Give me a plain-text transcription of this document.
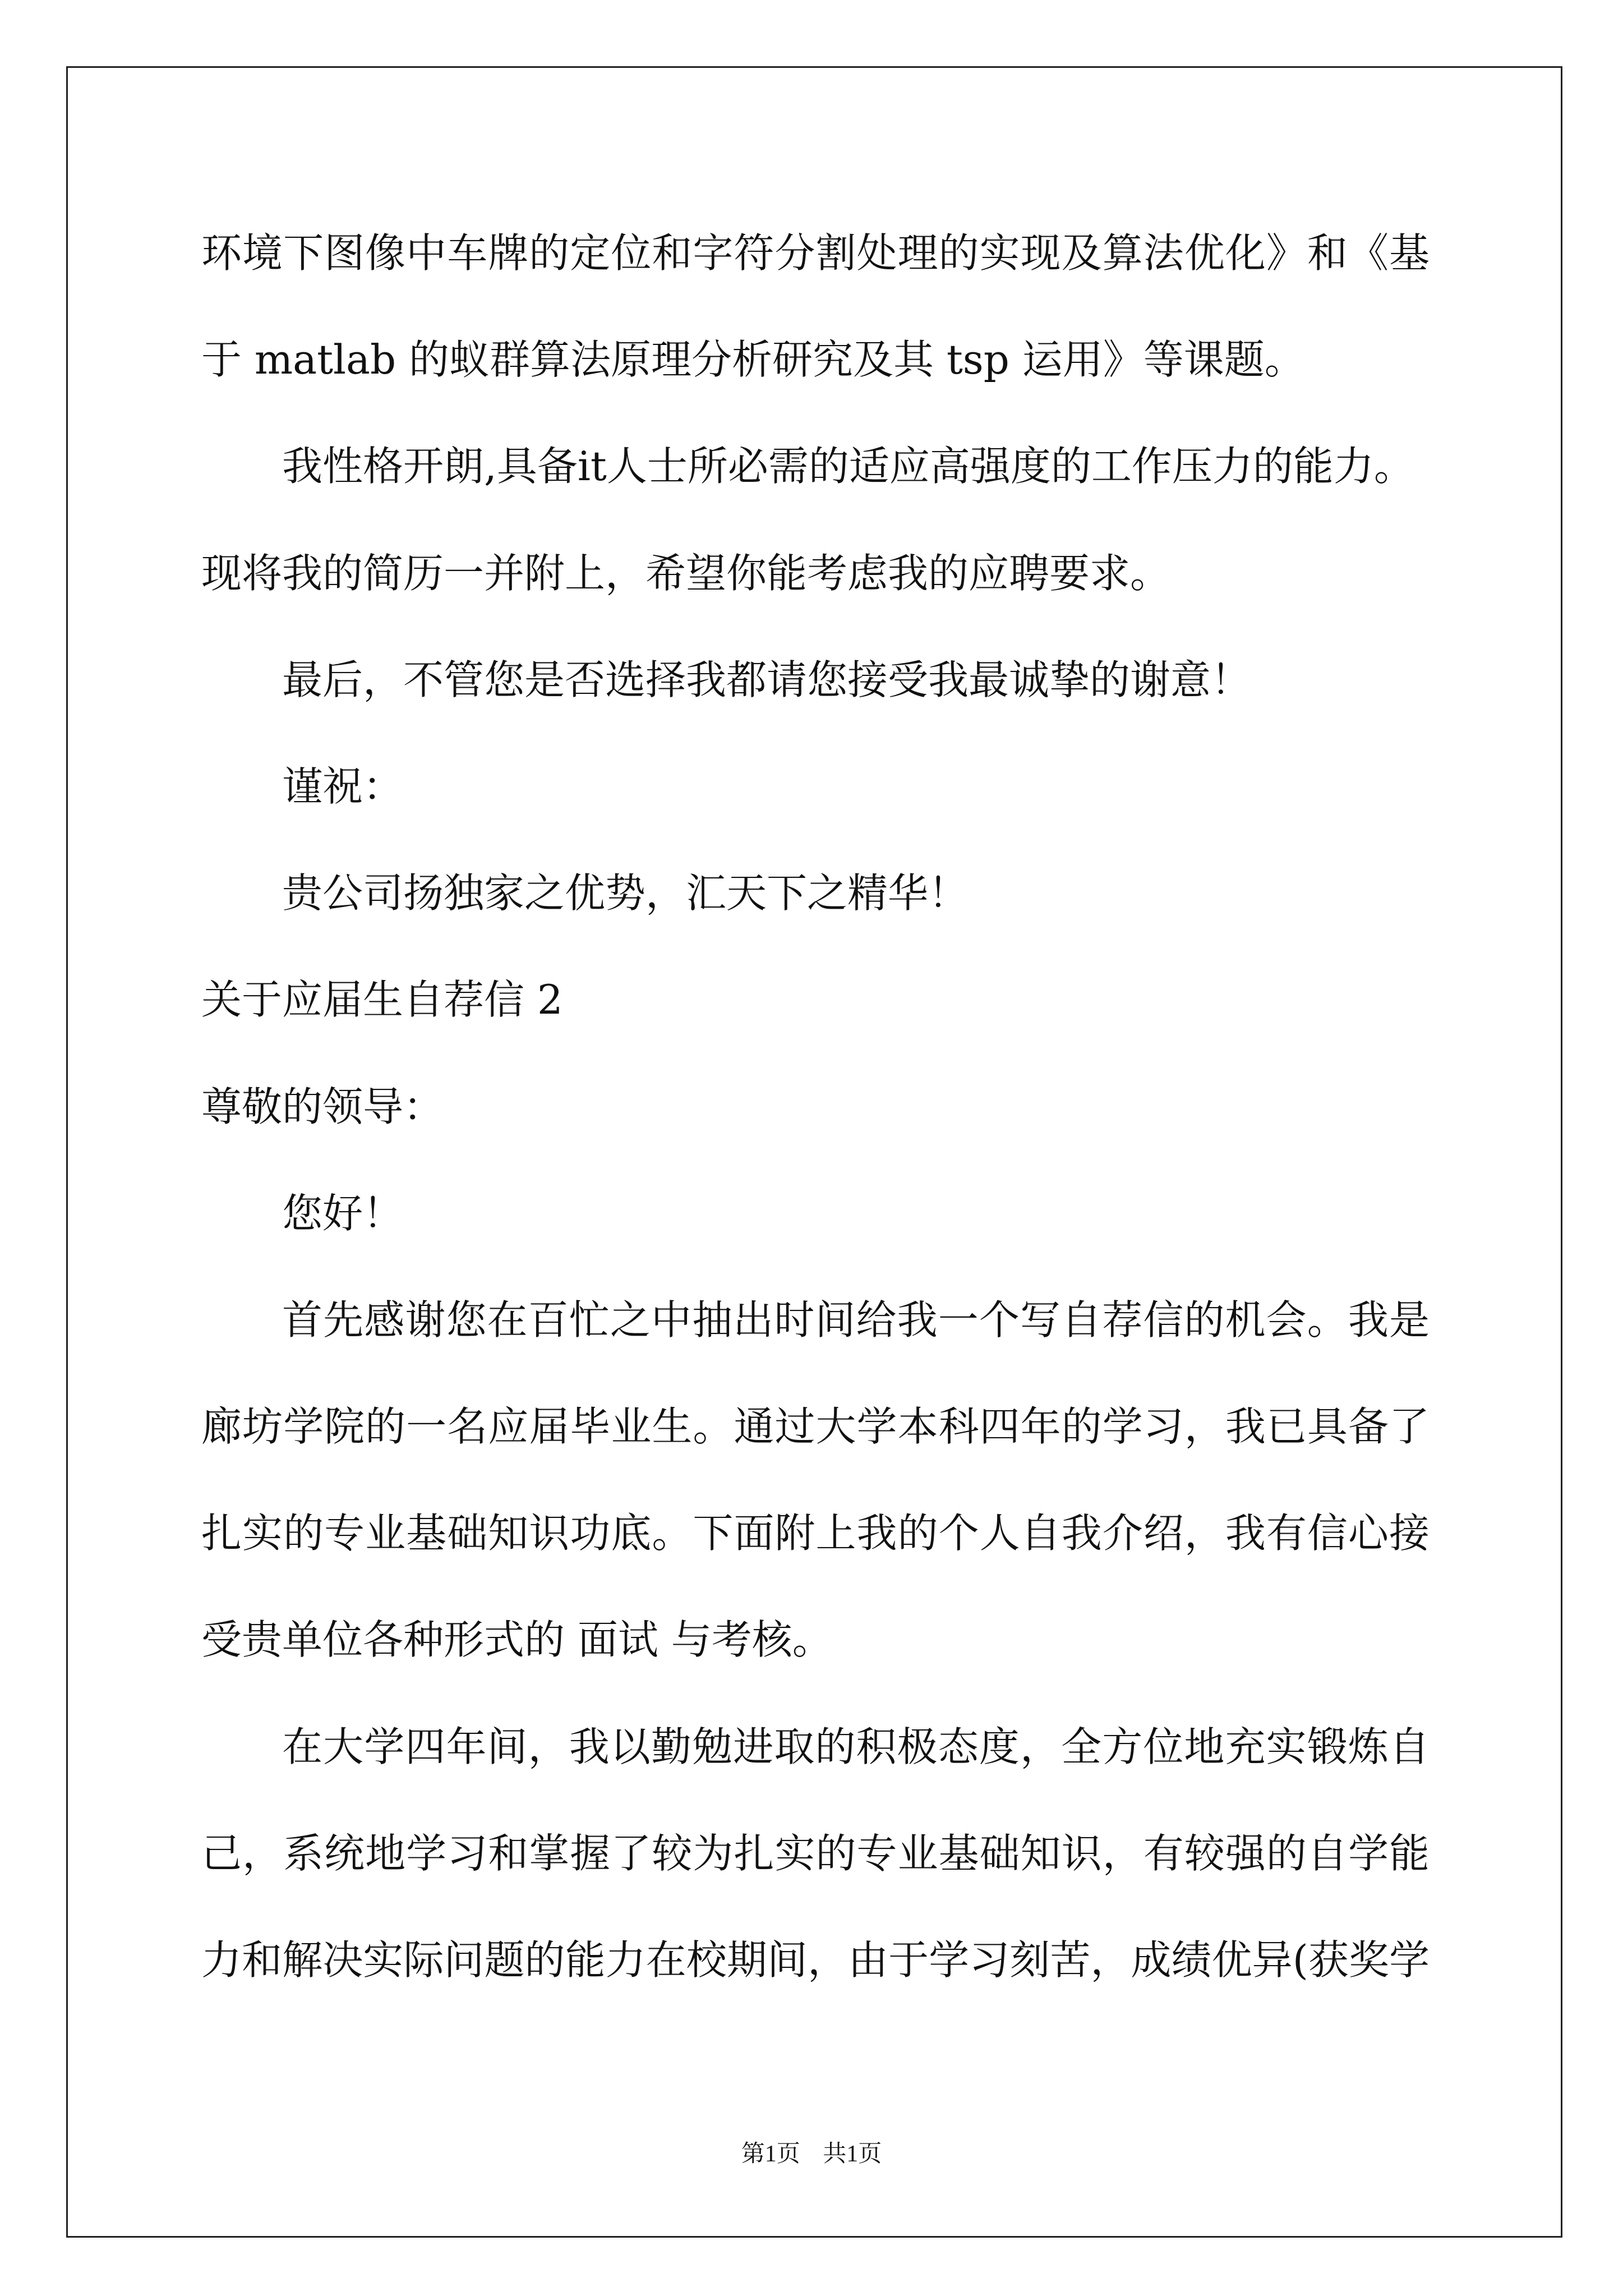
环境下图像中车牌的定位和字符分割处理的实现及算法优化》和《基
于 matlab 的蚁群算法原理分析研究及其 tsp 运用》等课题。
我性格开朗,具备it人士所必需的适应高强度的工作压力的能力。
现将我的简历一并附上，希望你能考虑我的应聘要求。
最后，不管您是否选择我都请您接受我最诚挚的谢意！
谨祝：
贵公司扬独家之优势，汇天下之精华！
关于应届生自荐信 2
尊敬的领导：
您好！
首先感谢您在百忙之中抽出时间给我一个写自荐信的机会。我是
廊坊学院的一名应届毕业生。通过大学本科四年的学习，我已具备了
扎实的专业基础知识功底。下面附上我的个人自我介绍，我有信心接
受贵单位各种形式的 面试 与考核。
在大学四年间，我以勤勉进取的积极态度，全方位地充实锻炼自
己，系统地学习和掌握了较为扎实的专业基础知识，有较强的自学能
力和解决实际问题的能力在校期间，由于学习刻苦，成绩优异(获奖学
第1页 共1页
